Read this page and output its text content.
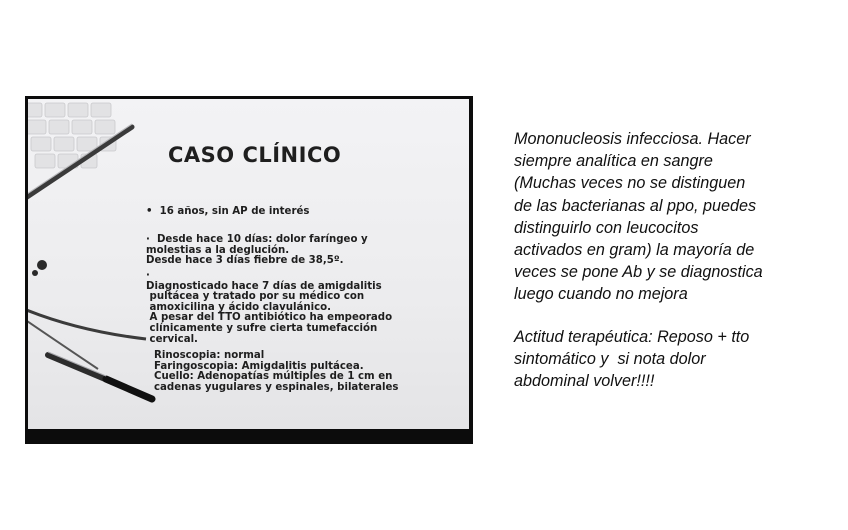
CASO CLÍNICO
•  16 años, sin AP de interés
·  Desde hace 10 días: dolor faríngeo y
molestias a la deglución.
Desde hace 3 días fiebre de 38,5º.
·
Diagnosticado hace 7 días de amigdalitis
pultácea y tratado por su médico con
amoxicilina y ácido clavulánico.
A pesar del TTO antibiótico ha empeorado
clínicamente y sufre cierta tumefacción
cervical.
Rinoscopia: normal
Faringoscopia: Amigdalitis pultácea.
Cuello: Adenopatías múltiples de 1 cm en
cadenas yugulares y espinales, bilaterales
Mononucleosis infecciosa. Hacer
siempre analítica en sangre
(Muchas veces no se distinguen
de las bacterianas al ppo, puedes
distinguirlo con leucocitos
activados en gram) la mayoría de
veces se pone Ab y se diagnostica
luego cuando no mejora
Actitud terapéutica: Reposo + tto
sintomático y  si nota dolor
abdominal volver!!!!
